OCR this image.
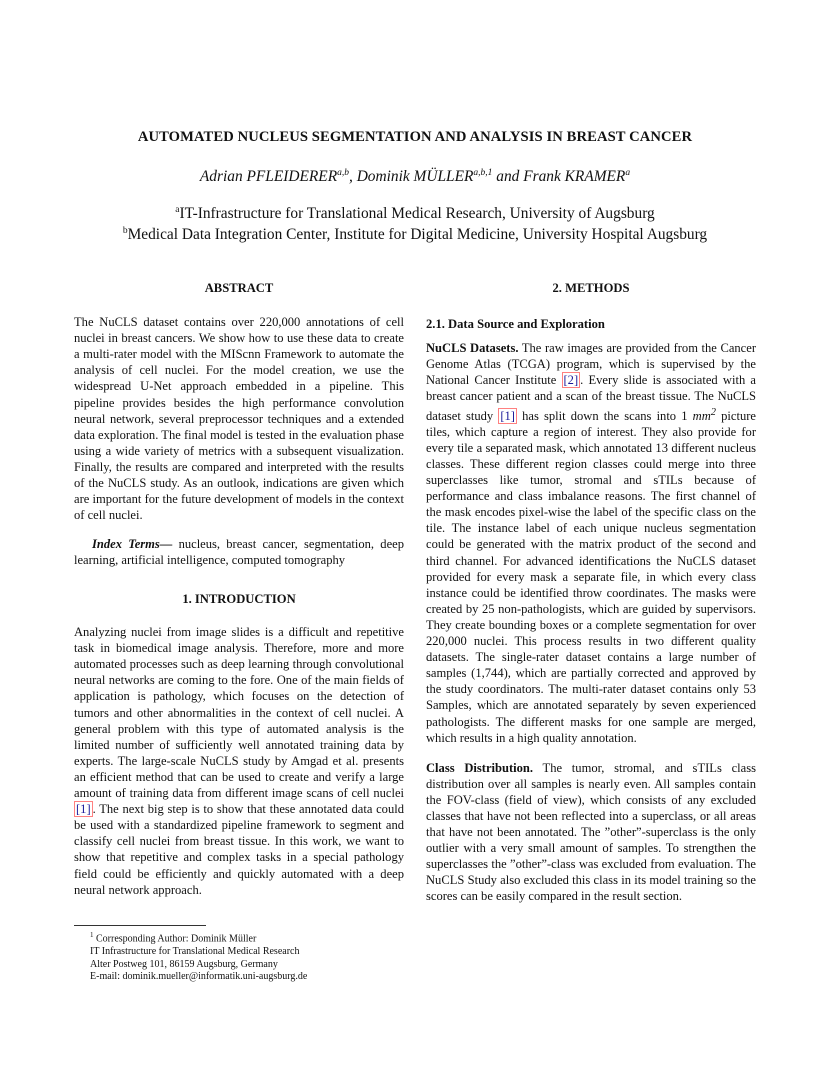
AUTOMATED NUCLEUS SEGMENTATION AND ANALYSIS IN BREAST CANCER
Adrian PFLEIDERER$^{a,b}$, Dominik MÜLLER$^{a,b,1}$ and Frank KRAMER$^a$
$^a$IT-Infrastructure for Translational Medical Research, University of Augsburg
$^b$Medical Data Integration Center, Institute for Digital Medicine, University Hospital Augsburg
ABSTRACT

The NuCLS dataset contains over 220,000 annotations of cell nuclei in breast cancers. We show how to use these data to create a multi-rater model with the MIScnn Framework to automate the analysis of cell nuclei. For the model creation, we use the widespread U-Net approach embedded in a pipeline. This pipeline provides besides the high performance convolution neural network, several preprocessor techniques and a extended data exploration. The final model is tested in the evaluation phase using a wide variety of metrics with a subsequent visualization. Finally, the results are compared and interpreted with the results of the NuCLS study. As an outlook, indications are given which are important for the future development of models in the context of cell nuclei.

Index Terms— nucleus, breast cancer, segmentation, deep learning, artificial intelligence, computed tomography

1. INTRODUCTION

Analyzing nuclei from image slides is a difficult and repetitive task in biomedical image analysis. Therefore, more and more automated processes such as deep learning through convolutional neural networks are coming to the fore. One of the main fields of application is pathology, which focuses on the detection of tumors and other abnormalities in the context of cell nuclei. A general problem with this type of automated analysis is the limited number of sufficiently well annotated training data by experts. The large-scale NuCLS study by Amgad et al. presents an efficient method that can be used to create and verify a large amount of training data from different image scans of cell nuclei [1] . The next big step is to show that these annotated data could be used with a standardized pipeline framework to segment and classify cell nuclei from breast tissue. In this work, we want to show that repetitive and complex tasks in a special pathology field could be efficiently and quickly automated with a deep neural network approach.

$^1$ Corresponding Author: Dominik Müller
IT Infrastructure for Translational Medical Research
Alter Postweg 101, 86159 Augsburg, Germany
E-mail: dominik.mueller@informatik.uni-augsburg.de
2. METHODS
2.1. Data Source and Exploration

NuCLS Datasets. The raw images are provided from the Cancer Genome Atlas (TCGA) program, which is supervised by the National Cancer Institute [2] . Every slide is associated with a breast cancer patient and a scan of the breast tissue. The NuCLS dataset study [1] has split down the scans into 1 $mm^2$ picture tiles, which capture a region of interest. They also provide for every tile a separated mask, which annotated 13 different nucleus classes. These different region classes could merge into three superclasses like tumor, stromal and sTILs because of performance and class imbalance reasons. The first channel of the mask encodes pixel-wise the label of the specific class on the tile. The instance label of each unique nucleus segmentation could be generated with the matrix product of the second and third channel. For advanced identifications the NuCLS dataset provided for every mask a separate file, in which every class instance could be identified throw coordinates. The masks were created by 25 non-pathologists, which are guided by supervisors. They create bounding boxes or a complete segmentation for over 220,000 nuclei. This process results in two different quality datasets. The single-rater dataset contains a large number of samples (1,744), which are partially corrected and approved by the study coordinators. The multi-rater dataset contains only 53 Samples, which are annotated separately by seven experienced pathologists. The different masks for one sample are merged, which results in a high quality annotation.

Class Distribution. The tumor, stromal, and sTILs class distribution over all samples is nearly even. All samples contain the FOV-class (field of view), which consists of any excluded classes that have not been reflected into a superclass, or all areas that have not been annotated. The ”other”-superclass is the only outlier with a very small amount of samples. To strengthen the superclasses the ”other”-class was excluded from evaluation. The NuCLS Study also excluded this class in its model training so the scores can be easily compared in the result section.
